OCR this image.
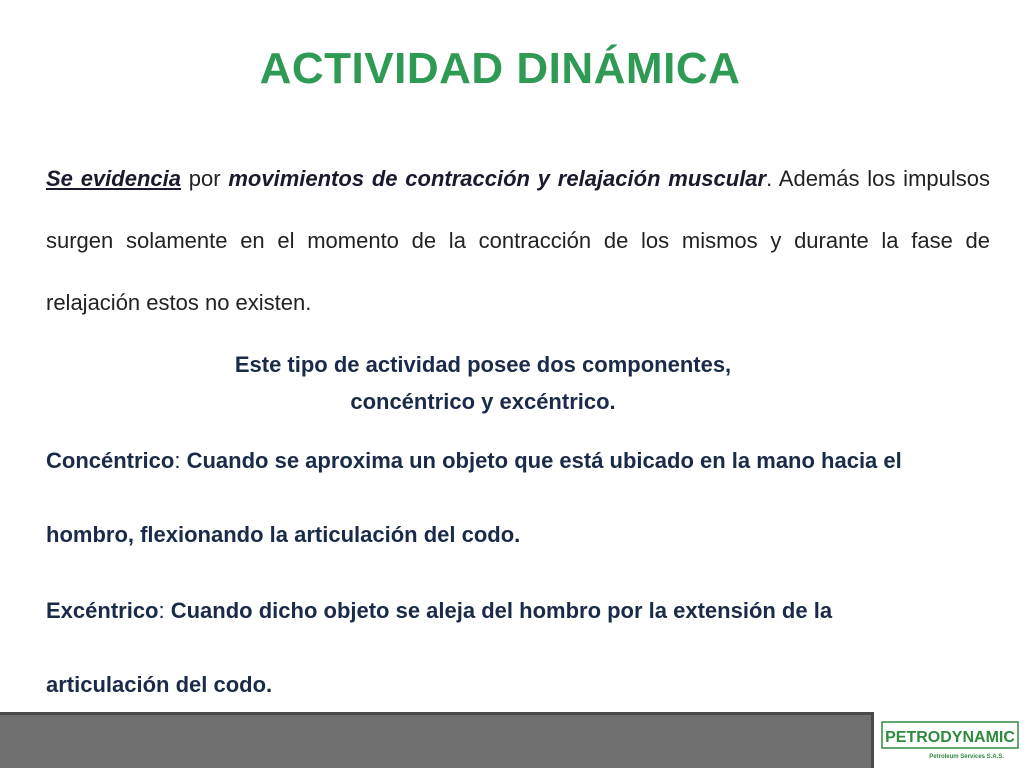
ACTIVIDAD DINÁMICA

Se evidencia por movimientos de contracción y relajación muscular. Además los impulsos surgen solamente en el momento de la contracción de los mismos y durante la fase de relajación estos no existen.

Este tipo de actividad posee dos componentes,
concéntrico y excéntrico.

Concéntrico: Cuando se aproxima un objeto que está ubicado en la mano hacia el hombro, flexionando la articulación del codo.

Excéntrico: Cuando dicho objeto se aleja del hombro por la extensión de la articulación del codo.

PETRODYNAMIC
Petroleum Services S.A.S.
